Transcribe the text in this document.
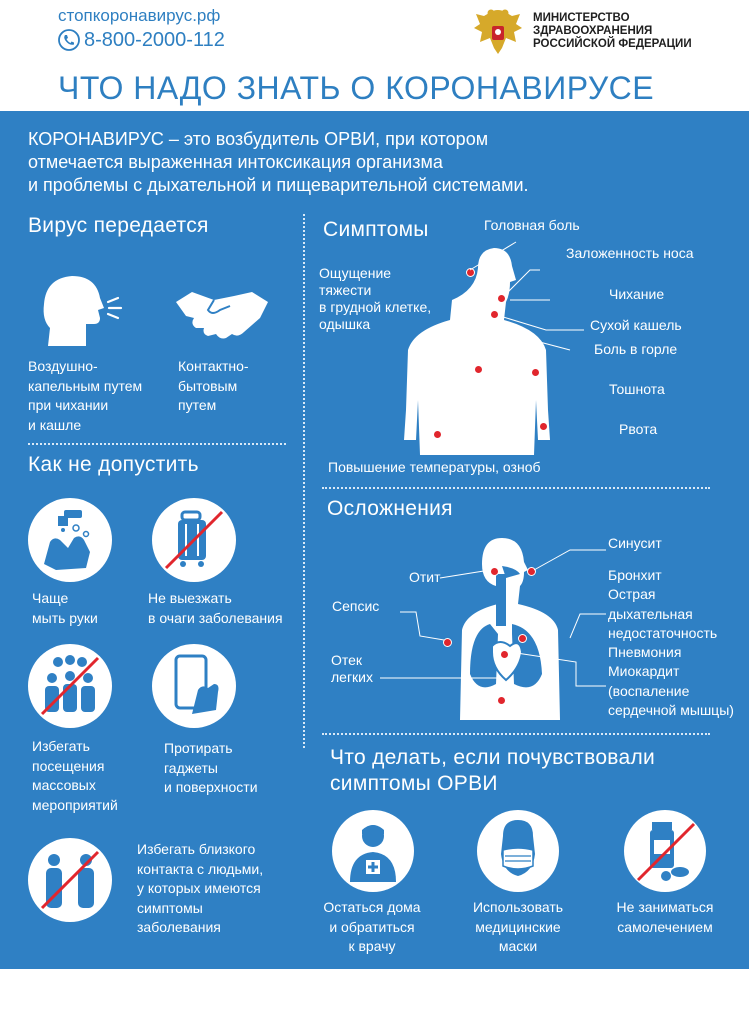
стопкоронавирус.рф
8-800-2000-112
МИНИСТЕРСТВО
ЗДРАВООХРАНЕНИЯ
РОССИЙСКОЙ ФЕДЕРАЦИИ
ЧТО НАДО ЗНАТЬ О КОРОНАВИРУСЕ
КОРОНАВИРУС – это возбудитель ОРВИ, при котором
отмечается выраженная интоксикация организма
и проблемы с дыхательной и пищеварительной системами.
Вирус передается
Воздушно-
капельным путем
при чихании
и кашле
Контактно-
бытовым
путем
Как не допустить
Чаще
мыть руки
Не выезжать
в очаги заболевания
Избегать
посещения
массовых
мероприятий
Протирать
гаджеты
и поверхности
Избегать близкого
контакта с людьми,
у которых имеются
симптомы
заболевания
Симптомы	Головная боль
Заложенность носа
Чихание
Сухой кашель
Боль в горле
Ощущение
тяжести
в грудной клетке,
одышка
Тошнота
Рвота
Повышение температуры, озноб
Осложнения
Синусит
Отит	Бронхит
Острая
дыхательная
недостаточность
Сепсис
Пневмония
Отек
легких	Миокардит
(воспаление
сердечной мышцы)
Что делать, если почувствовали
симптомы ОРВИ
Остаться дома
и обратиться
к врачу
Использовать
медицинские
маски
Не заниматься
самолечением
